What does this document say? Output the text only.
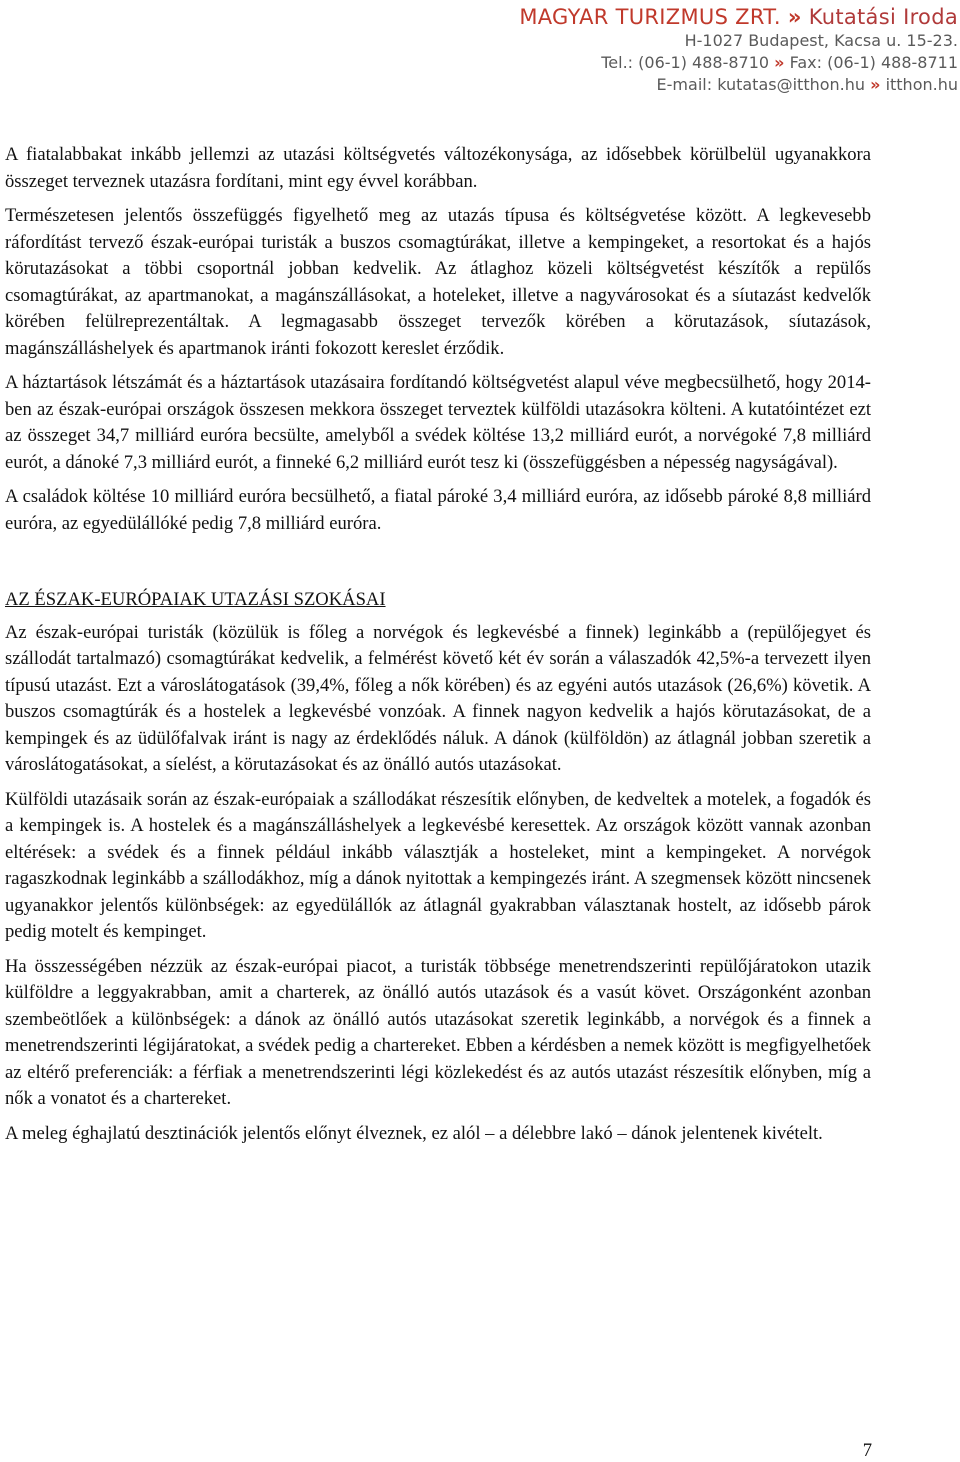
MAGYAR TURIZMUS ZRT. » Kutatási Iroda
H-1027 Budapest, Kacsa u. 15-23.
Tel.: (06-1) 488-8710 » Fax: (06-1) 488-8711
E-mail: kutatas@itthon.hu » itthon.hu

A fiatalabbakat inkább jellemzi az utazási költségvetés változékonysága, az idősebbek körülbelül ugyanakkora összeget terveznek utazásra fordítani, mint egy évvel korábban.

Természetesen jelentős összefüggés figyelhető meg az utazás típusa és költségvetése között. A legkevesebb ráfordítást tervező észak-európai turisták a buszos csomagtúrákat, illetve a kempingeket, a resortokat és a hajós körutazásokat a többi csoportnál jobban kedvelik. Az átlaghoz közeli költségvetést készítők a repülős csomagtúrákat, az apartmanokat, a magánszállásokat, a hoteleket, illetve a nagyvárosokat és a síutazást kedvelők körében felülreprezentáltak. A legmagasabb összeget tervezők körében a körutazások, síutazások, magánszálláshelyek és apartmanok iránti fokozott kereslet érződik.

A háztartások létszámát és a háztartások utazásaira fordítandó költségvetést alapul véve megbecsülhető, hogy 2014-ben az észak-európai országok összesen mekkora összeget terveztek külföldi utazásokra költeni. A kutatóintézet ezt az összeget 34,7 milliárd euróra becsülte, amelyből a svédek költése 13,2 milliárd eurót, a norvégoké 7,8 milliárd eurót, a dánoké 7,3 milliárd eurót, a finneké 6,2 milliárd eurót tesz ki (összefüggésben a népesség nagyságával).

A családok költése 10 milliárd euróra becsülhető, a fiatal pároké 3,4 milliárd euróra, az idősebb pároké 8,8 milliárd euróra, az egyedülállóké pedig 7,8 milliárd euróra.

AZ ÉSZAK-EURÓPAIAK UTAZÁSI SZOKÁSAI

Az észak-európai turisták (közülük is főleg a norvégok és legkevésbé a finnek) leginkább a (repülőjegyet és szállodát tartalmazó) csomagtúrákat kedvelik, a felmérést követő két év során a válaszadók 42,5%-a tervezett ilyen típusú utazást. Ezt a városlátogatások (39,4%, főleg a nők körében) és az egyéni autós utazások (26,6%) követik. A buszos csomagtúrák és a hostelek a legkevésbé vonzóak. A finnek nagyon kedvelik a hajós körutazásokat, de a kempingek és az üdülőfalvak iránt is nagy az érdeklődés náluk. A dánok (külföldön) az átlagnál jobban szeretik a városlátogatásokat, a síelést, a körutazásokat és az önálló autós utazásokat.

Külföldi utazásaik során az észak-európaiak a szállodákat részesítik előnyben, de kedveltek a motelek, a fogadók és a kempingek is. A hostelek és a magánszálláshelyek a legkevésbé keresettek. Az országok között vannak azonban eltérések: a svédek és a finnek például inkább választják a hosteleket, mint a kempingeket. A norvégok ragaszkodnak leginkább a szállodákhoz, míg a dánok nyitottak a kempingezés iránt. A szegmensek között nincsenek ugyanakkor jelentős különbségek: az egyedülállók az átlagnál gyakrabban választanak hostelt, az idősebb párok pedig motelt és kempinget.

Ha összességében nézzük az észak-európai piacot, a turisták többsége menetrendszerinti repülőjáratokon utazik külföldre a leggyakrabban, amit a charterek, az önálló autós utazások és a vasút követ. Országonként azonban szembeötlőek a különbségek: a dánok az önálló autós utazásokat szeretik leginkább, a norvégok és a finnek a menetrendszerinti légijáratokat, a svédek pedig a chartereket. Ebben a kérdésben a nemek között is megfigyelhetőek az eltérő preferenciák: a férfiak a menetrendszerinti légi közlekedést és az autós utazást részesítik előnyben, míg a nők a vonatot és a chartereket.

A meleg éghajlatú desztinációk jelentős előnyt élveznek, ez alól – a délebbre lakó – dánok jelentenek kivételt.

7
